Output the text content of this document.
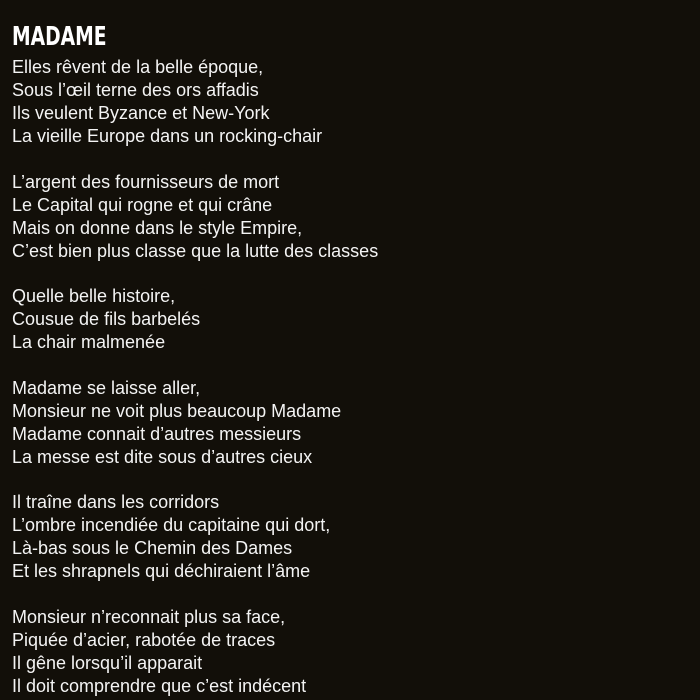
MADAME
Elles rêvent de la belle époque,
Sous l’œil terne des ors affadis
Ils veulent Byzance et New-York
La vieille Europe dans un rocking-chair
L’argent des fournisseurs de mort
Le Capital qui rogne et qui crâne
Mais on donne dans le style Empire,
C’est bien plus classe que la lutte des classes
Quelle belle histoire,
Cousue de fils barbelés
La chair malmenée
Madame se laisse aller,
Monsieur ne voit plus beaucoup Madame
Madame connait d’autres messieurs
La messe est dite sous d’autres cieux
Il traîne dans les corridors
L’ombre incendiée du capitaine qui dort,
Là-bas sous le Chemin des Dames
Et les shrapnels qui déchiraient l’âme
Monsieur n’reconnait plus sa face,
Piquée d’acier, rabotée de traces
Il gêne lorsqu’il apparait
Il doit comprendre que c’est indécent
